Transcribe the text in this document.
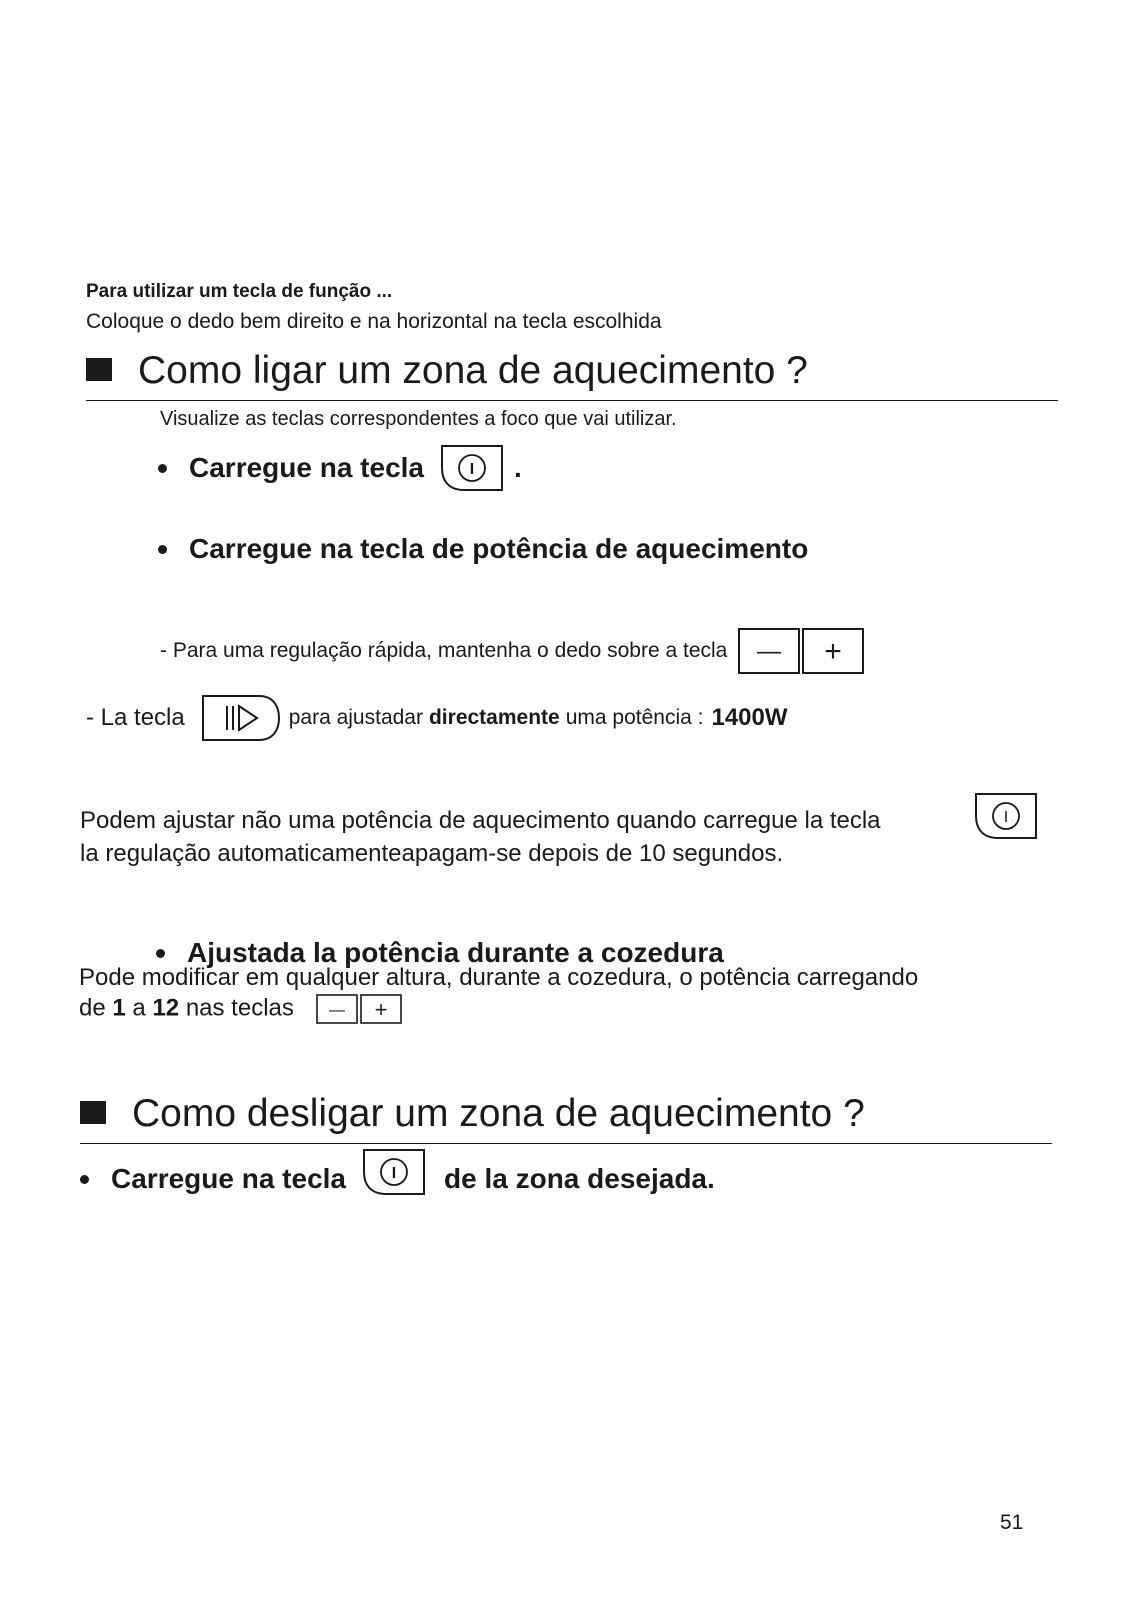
Para utilizar um tecla de função ...
Coloque o dedo bem direito e na horizontal na tecla escolhida
Como ligar um zona de aquecimento ?
Visualize as teclas correspondentes a foco que vai utilizar.
Carregue na tecla	I .
Carregue na tecla de potência de aquecimento
- Para uma regulação rápida, mantenha o dedo sobre a tecla — +
- La tecla	para ajustadar directamente uma potência : 1400W
Podem ajustar não uma potência de aquecimento quando carregue la tecla
la regulação automaticamenteapagam-se depois de 10 segundos.
I
Ajustada la potência durante a cozedura
Pode modificar em qualquer altura, durante a cozedura, o potência carregando
de 1 a 12 nas teclas — +
Como desligar um zona de aquecimento ?
Carregue na tecla	I de la zona desejada.
51
